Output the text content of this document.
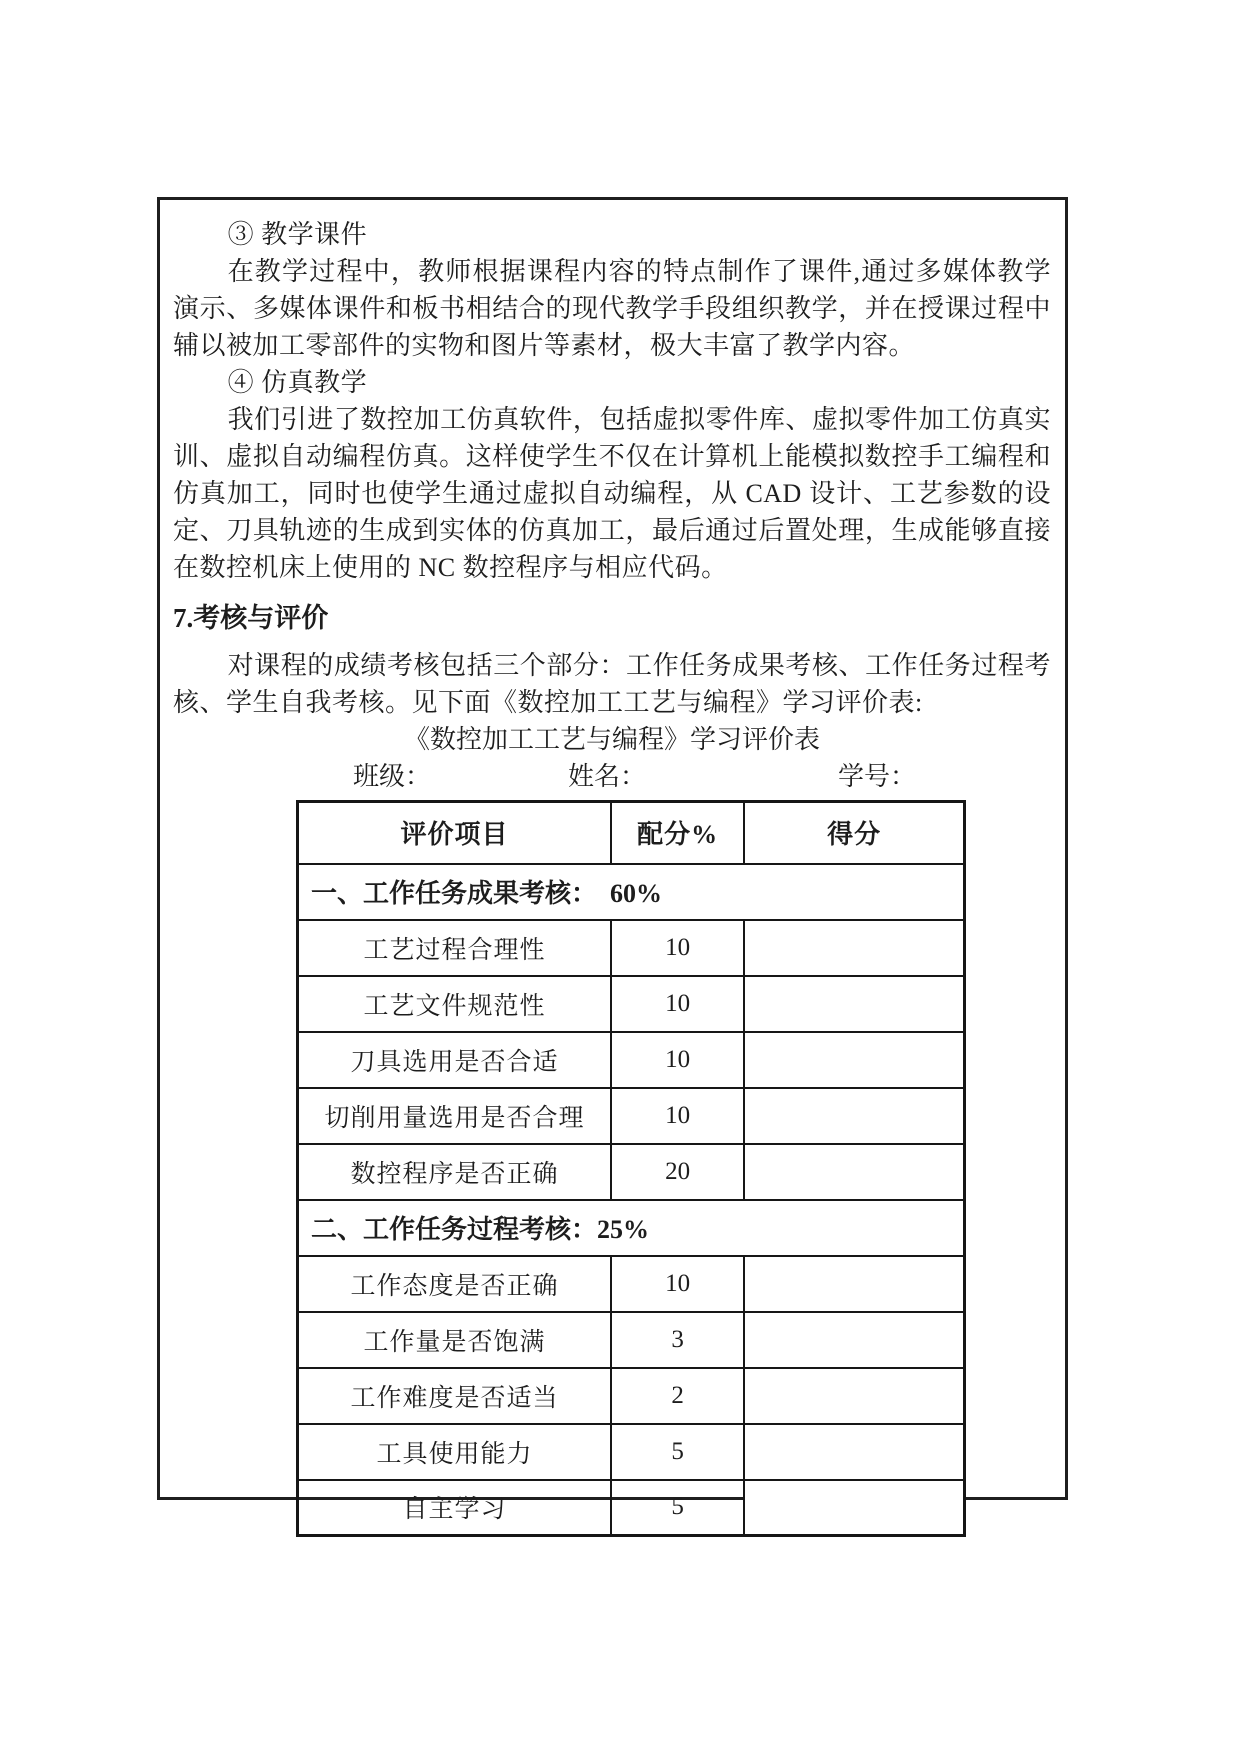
③ 教学课件

在教学过程中，教师根据课程内容的特点制作了课件,通过多媒体教学演示、多媒体课件和板书相结合的现代教学手段组织教学，并在授课过程中辅以被加工零部件的实物和图片等素材，极大丰富了教学内容。

④ 仿真教学

我们引进了数控加工仿真软件，包括虚拟零件库、虚拟零件加工仿真实训、虚拟自动编程仿真。这样使学生不仅在计算机上能模拟数控手工编程和仿真加工，同时也使学生通过虚拟自动编程，从 CAD 设计、工艺参数的设定、刀具轨迹的生成到实体的仿真加工，最后通过后置处理，生成能够直接在数控机床上使用的 NC 数控程序与相应代码。

7.考核与评价

对课程的成绩考核包括三个部分：工作任务成果考核、工作任务过程考核、学生自我考核。见下面《数控加工工艺与编程》学习评价表:

《数控加工工艺与编程》学习评价表

班级：	姓名：	学号：
评价项目	配分%	得分
一、工作任务成果考核：  60%		
工艺过程合理性	10	
工艺文件规范性	10	
刀具选用是否合适	10	
切削用量选用是否合理	10	
数控程序是否正确	20	
二、工作任务过程考核：25%		
工作态度是否正确	10	
工作量是否饱满	3	
工作难度是否适当	2	
工具使用能力	5	
自主学习	5	
